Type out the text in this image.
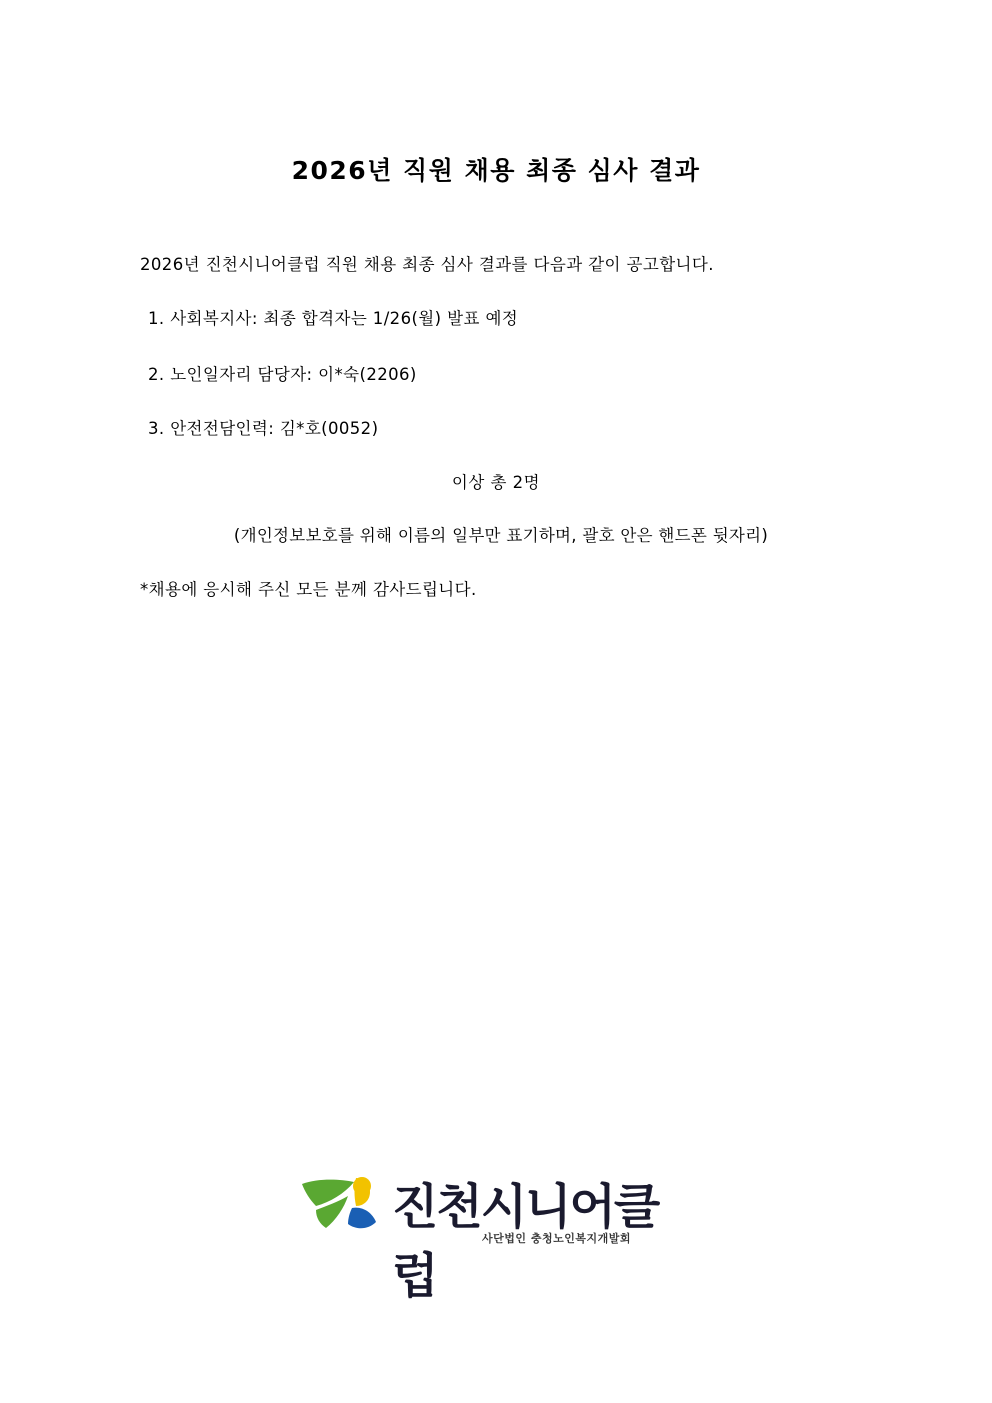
2026년 직원 채용 최종 심사 결과
2026년 진천시니어클럽 직원 채용 최종 심사 결과를 다음과 같이 공고합니다.
1. 사회복지사: 최종 합격자는 1/26(월) 발표 예정
2. 노인일자리 담당자: 이*숙(2206)
3. 안전전담인력: 김*호(0052)
이상 총 2명
(개인정보보호를 위해 이름의 일부만 표기하며, 괄호 안은 핸드폰 뒷자리)
*채용에 응시해 주신 모든 분께 감사드립니다.
진천시니어클럽
사단법인 충청노인복지개발회
